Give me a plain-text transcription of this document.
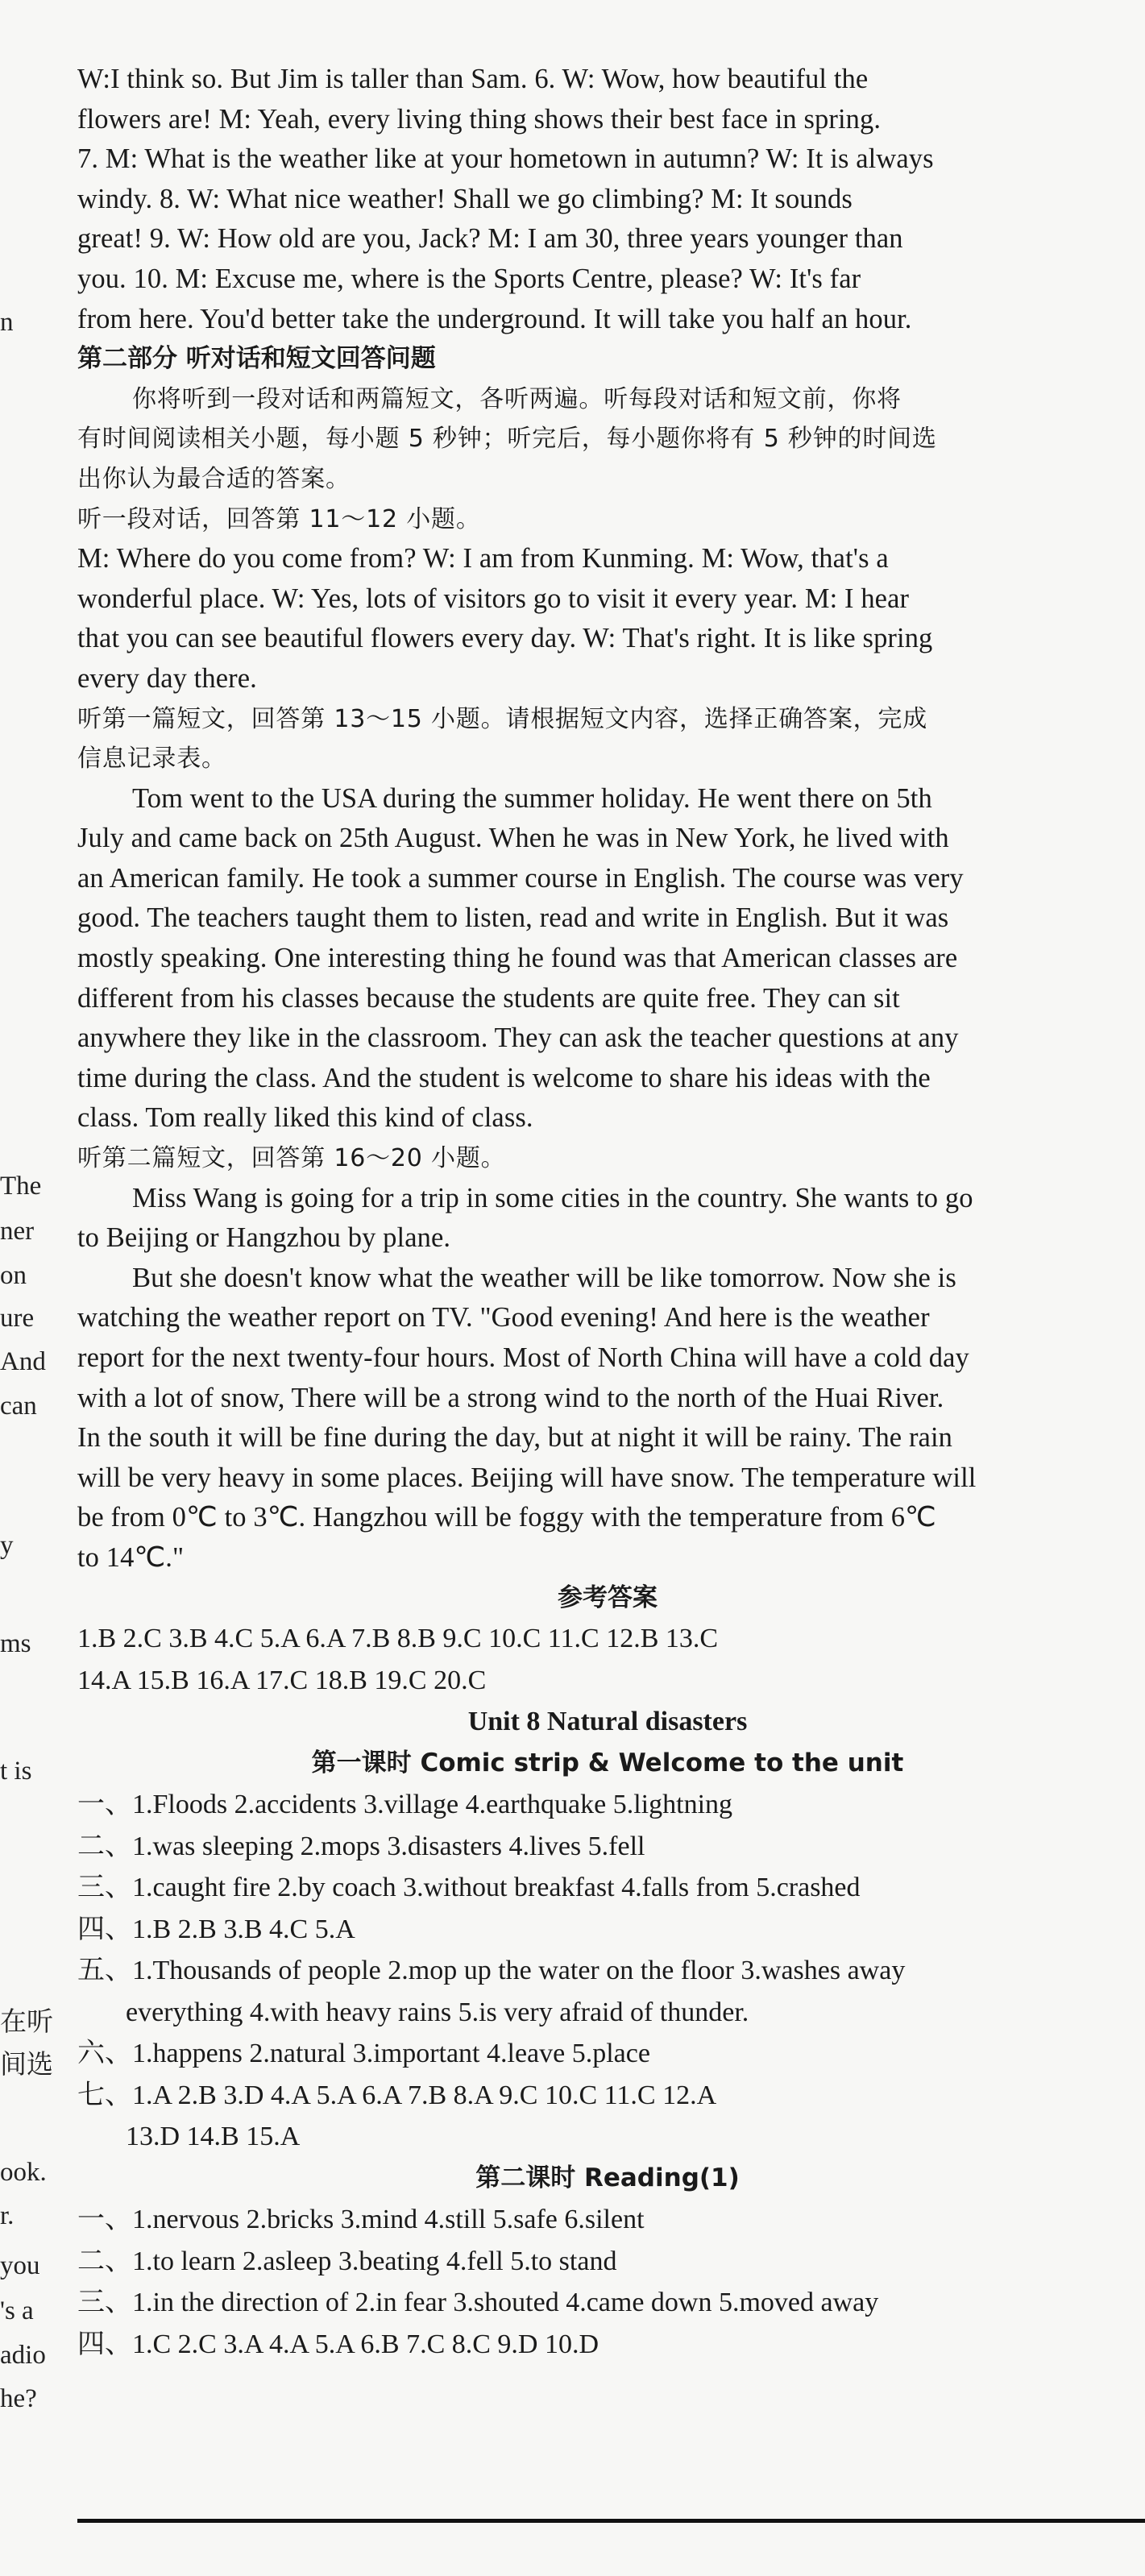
n
The
ner
on
ure
And
can
y
ms
t is
在听
间选
ook.
r.
you
's a
adio
he?
W:I think so. But Jim is taller than Sam. 6. W: Wow, how beautiful the
flowers are! M: Yeah, every living thing shows their best face in spring.
7. M: What is the weather like at your hometown in autumn? W: It is always
windy. 8. W: What nice weather! Shall we go climbing? M: It sounds
great! 9. W: How old are you, Jack? M: I am 30, three years younger than
you. 10. M: Excuse me, where is the Sports Centre, please? W: It's far
from here. You'd better take the underground. It will take you half an hour.
第二部分 听对话和短文回答问题
你将听到一段对话和两篇短文，各听两遍。听每段对话和短文前，你将
有时间阅读相关小题，每小题 5 秒钟；听完后，每小题你将有 5 秒钟的时间选
出你认为最合适的答案。
听一段对话，回答第 11～12 小题。
M: Where do you come from? W: I am from Kunming. M: Wow, that's a
wonderful place. W: Yes, lots of visitors go to visit it every year. M: I hear
that you can see beautiful flowers every day. W: That's right. It is like spring
every day there.
听第一篇短文，回答第 13～15 小题。请根据短文内容，选择正确答案，完成
信息记录表。
Tom went to the USA during the summer holiday. He went there on 5th
July and came back on 25th August. When he was in New York, he lived with
an American family. He took a summer course in English. The course was very
good. The teachers taught them to listen, read and write in English. But it was
mostly speaking. One interesting thing he found was that American classes are
different from his classes because the students are quite free. They can sit
anywhere they like in the classroom. They can ask the teacher questions at any
time during the class. And the student is welcome to share his ideas with the
class. Tom really liked this kind of class.
听第二篇短文，回答第 16～20 小题。
Miss Wang is going for a trip in some cities in the country. She wants to go
to Beijing or Hangzhou by plane.
But she doesn't know what the weather will be like tomorrow. Now she is
watching the weather report on TV. "Good evening! And here is the weather
report for the next twenty-four hours. Most of North China will have a cold day
with a lot of snow, There will be a strong wind to the north of the Huai River.
In the south it will be fine during the day, but at night it will be rainy. The rain
will be very heavy in some places. Beijing will have snow. The temperature will
be from 0℃ to 3℃. Hangzhou will be foggy with the temperature from 6℃
to 14℃."
参考答案
1.B 2.C 3.B 4.C 5.A 6.A 7.B 8.B 9.C 10.C 11.C 12.B 13.C
14.A 15.B 16.A 17.C 18.B 19.C 20.C
Unit 8 Natural disasters
第一课时 Comic strip & Welcome to the unit
一、1.Floods 2.accidents 3.village 4.earthquake 5.lightning
二、1.was sleeping 2.mops 3.disasters 4.lives 5.fell
三、1.caught fire 2.by coach 3.without breakfast 4.falls from 5.crashed
四、1.B 2.B 3.B 4.C 5.A
五、1.Thousands of people 2.mop up the water on the floor 3.washes away
everything 4.with heavy rains 5.is very afraid of thunder.
六、1.happens 2.natural 3.important 4.leave 5.place
七、1.A 2.B 3.D 4.A 5.A 6.A 7.B 8.A 9.C 10.C 11.C 12.A
13.D 14.B 15.A
第二课时 Reading(1)
一、1.nervous 2.bricks 3.mind 4.still 5.safe 6.silent
二、1.to learn 2.asleep 3.beating 4.fell 5.to stand
三、1.in the direction of 2.in fear 3.shouted 4.came down 5.moved away
四、1.C 2.C 3.A 4.A 5.A 6.B 7.C 8.C 9.D 10.D
